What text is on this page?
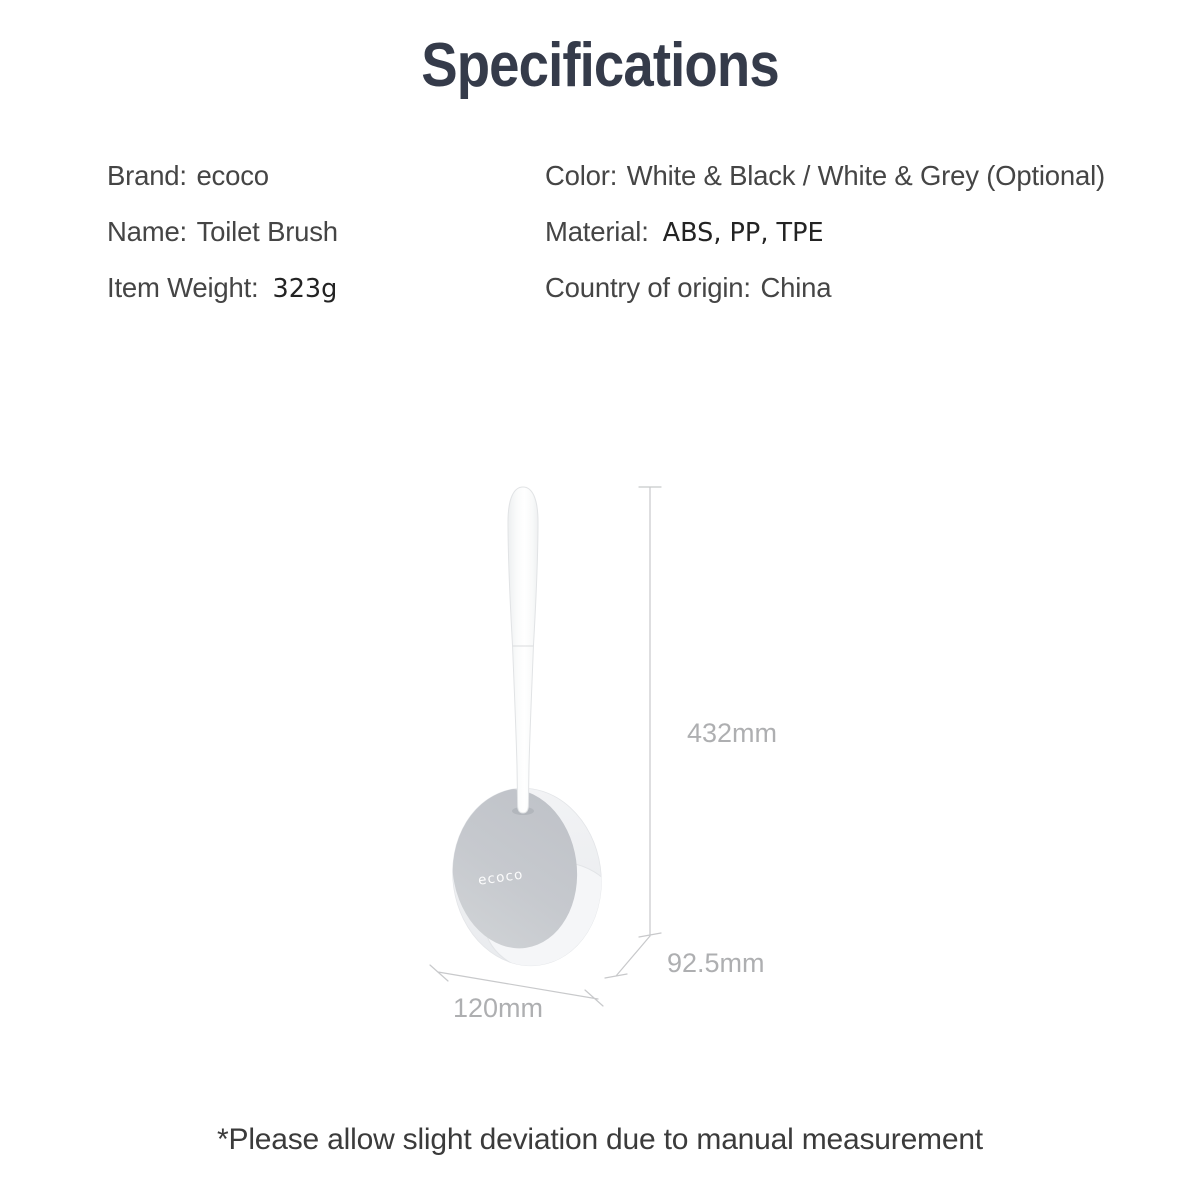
Specifications
Brand: ecoco
Name: Toilet Brush
Item Weight: 323g
Color: White & Black / White & Grey (Optional)
Material: ABS, PP, TPE
Country of origin: China
ecoco
432mm
92.5mm
120mm
*Please allow slight deviation due to manual measurement
